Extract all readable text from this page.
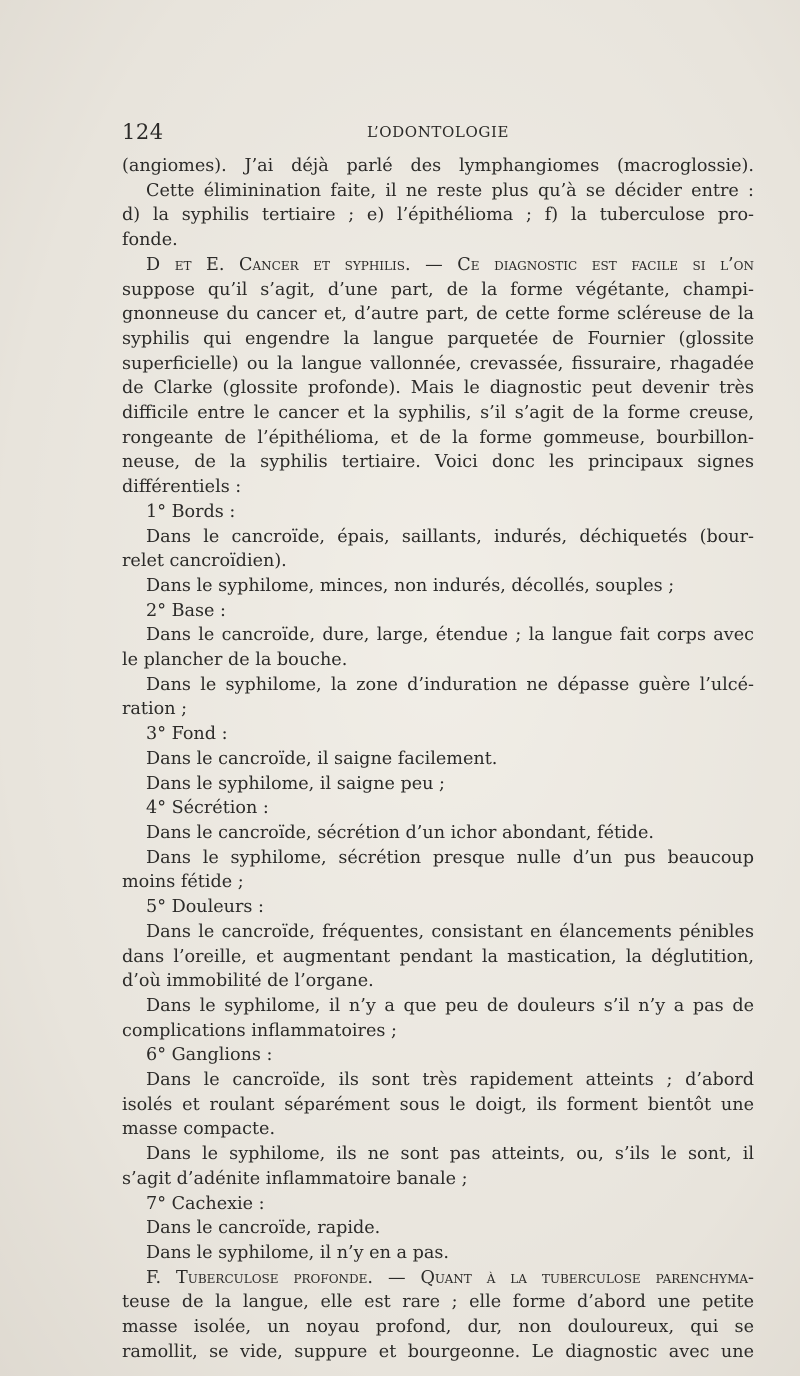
124	L’ODONTOLOGIE
(angiomes). J’ai déjà parlé des lymphangiomes (macroglossie).
Cette éliminination faite, il ne reste plus qu’à se décider entre :
d) la syphilis tertiaire ; e) l’épithélioma ; f) la tuberculose pro-
fonde.
D et E. Cancer et syphilis. — Ce diagnostic est facile si l’on
suppose qu’il s’agit, d’une part, de la forme végétante, champi-
gnonneuse du cancer et, d’autre part, de cette forme scléreuse de la
syphilis qui engendre la langue parquetée de Fournier (glossite
superficielle) ou la langue vallonnée, crevassée, fissuraire, rhagadée
de Clarke (glossite profonde). Mais le diagnostic peut devenir très
difficile entre le cancer et la syphilis, s’il s’agit de la forme creuse,
rongeante de l’épithélioma, et de la forme gommeuse, bourbillon-
neuse, de la syphilis tertiaire. Voici donc les principaux signes
différentiels :
1° Bords :
Dans le cancroïde, épais, saillants, indurés, déchiquetés (bour-
relet cancroïdien).
Dans le syphilome, minces, non indurés, décollés, souples ;
2° Base :
Dans le cancroïde, dure, large, étendue ; la langue fait corps avec
le plancher de la bouche.
Dans le syphilome, la zone d’induration ne dépasse guère l’ulcé-
ration ;
3° Fond :
Dans le cancroïde, il saigne facilement.
Dans le syphilome, il saigne peu ;
4° Sécrétion :
Dans le cancroïde, sécrétion d’un ichor abondant, fétide.
Dans le syphilome, sécrétion presque nulle d’un pus beaucoup
moins fétide ;
5° Douleurs :
Dans le cancroïde, fréquentes, consistant en élancements pénibles
dans l’oreille, et augmentant pendant la mastication, la déglutition,
d’où immobilité de l’organe.
Dans le syphilome, il n’y a que peu de douleurs s’il n’y a pas de
complications inflammatoires ;
6° Ganglions :
Dans le cancroïde, ils sont très rapidement atteints ; d’abord
isolés et roulant séparément sous le doigt, ils forment bientôt une
masse compacte.
Dans le syphilome, ils ne sont pas atteints, ou, s’ils le sont, il
s’agit d’adénite inflammatoire banale ;
7° Cachexie :
Dans le cancroïde, rapide.
Dans le syphilome, il n’y en a pas.
F. Tuberculose profonde. — Quant à la tuberculose parenchyma-
teuse de la langue, elle est rare ; elle forme d’abord une petite
masse isolée, un noyau profond, dur, non douloureux, qui se
ramollit, se vide, suppure et bourgeonne. Le diagnostic avec une
